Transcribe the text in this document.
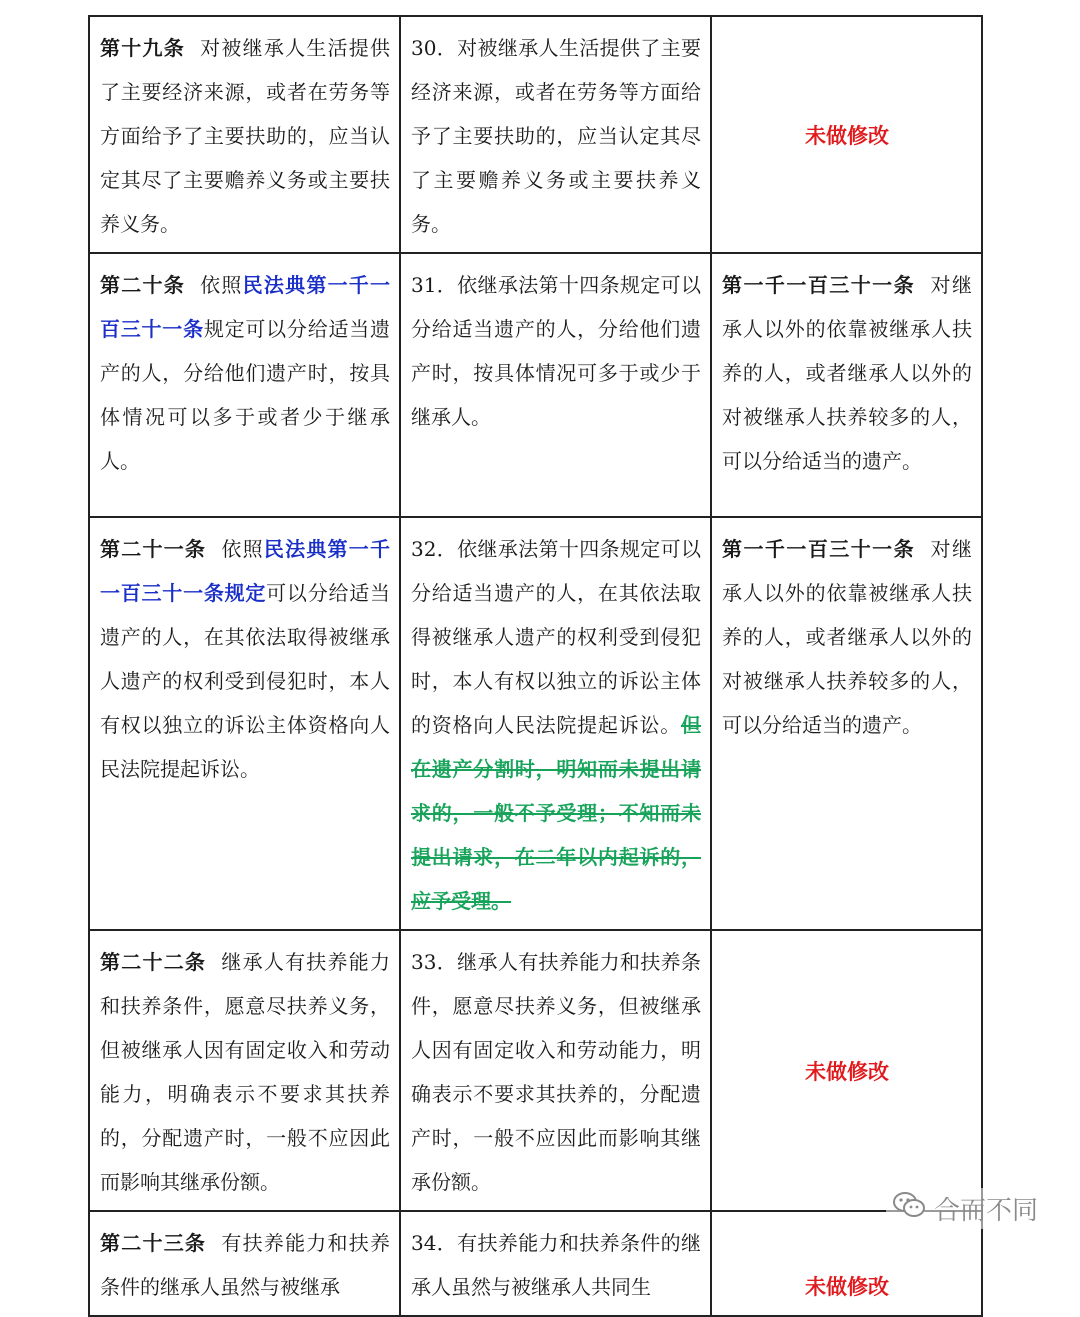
第十九条 对被继承人生活提供了主要经济来源，或者在劳务等方面给予了主要扶助的，应当认定其尽了主要赡养义务或主要扶养义务。	30．对被继承人生活提供了主要经济来源，或者在劳务等方面给予了主要扶助的，应当认定其尽了主要赡养义务或主要扶养义务。	未做修改
第二十条 依照民法典第一千一百三十一条规定可以分给适当遗产的人，分给他们遗产时，按具体情况可以多于或者少于继承人。	31．依继承法第十四条规定可以分给适当遗产的人，分给他们遗产时，按具体情况可多于或少于继承人。	第一千一百三十一条 对继承人以外的依靠被继承人扶养的人，或者继承人以外的对被继承人扶养较多的人，可以分给适当的遗产。
第二十一条 依照民法典第一千一百三十一条规定可以分给适当遗产的人，在其依法取得被继承人遗产的权利受到侵犯时，本人有权以独立的诉讼主体资格向人民法院提起诉讼。	32．依继承法第十四条规定可以分给适当遗产的人，在其依法取得被继承人遗产的权利受到侵犯时，本人有权以独立的诉讼主体的资格向人民法院提起诉讼。但在遗产分割时，明知而未提出请求的，一般不予受理；不知而未提出请求，在二年以内起诉的，应予受理。	第一千一百三十一条 对继承人以外的依靠被继承人扶养的人，或者继承人以外的对被继承人扶养较多的人，可以分给适当的遗产。
第二十二条 继承人有扶养能力和扶养条件，愿意尽扶养义务，但被继承人因有固定收入和劳动能力，明确表示不要求其扶养的，分配遗产时，一般不应因此而影响其继承份额。	33．继承人有扶养能力和扶养条件，愿意尽扶养义务，但被继承人因有固定收入和劳动能力，明确表示不要求其扶养的，分配遗产时，一般不应因此而影响其继承份额。	未做修改
第二十三条 有扶养能力和扶养条件的继承人虽然与被继承	34．有扶养能力和扶养条件的继承人虽然与被继承人共同生	未做修改
合而不同
